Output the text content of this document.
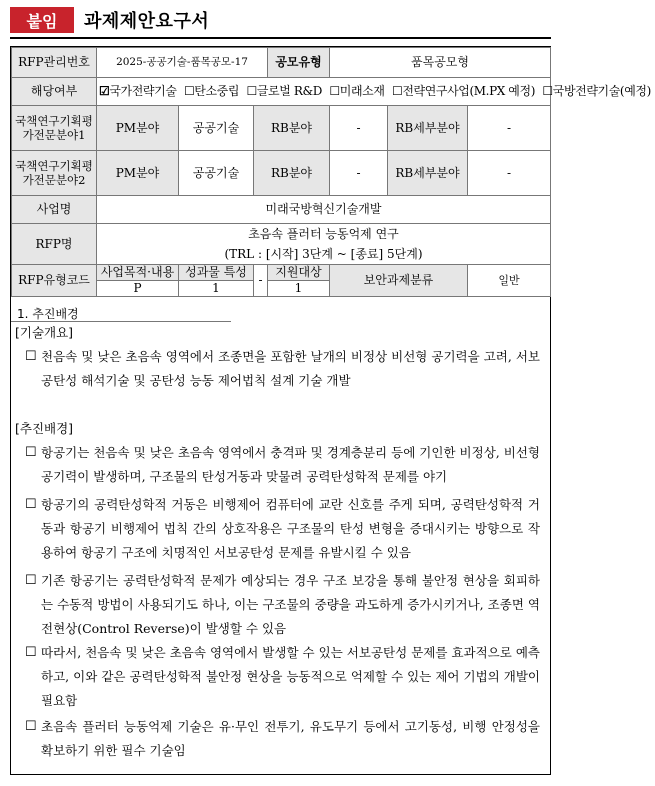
붙임	과제제안요구서
RFP관리번호	2025-공공기술-품목공모-17			공모유형	품목공모형		
해당여부	☑국가전략기술 ☐탄소중립 ☐글로벌 R&D ☐미래소재 ☐전략연구사업(M.PX 예정) ☐국방전략기술(예정)						
국책연구기획평가전문분야1	PM분야	공공기술	RB분야		-	RB세부분야	-
국책연구기획평가전문분야2	PM분야	공공기술	RB분야		-	RB세부분야	-
사업명	미래국방혁신기술개발						
RFP명	초음속 플러터 능동억제 연구						
	(TRL : [시작] 3단계 ~ [종료] 5단계)						
RFP유형코드	사업목적·내용	성과물 특성	-	지원대상	보안과제분류		일반
	P	1		1			
1. 추진배경
[기술개요]
☐ 천음속 및 낮은 초음속 영역에서 조종면을 포함한 날개의 비정상 비선형 공기력을 고려, 서보공탄성 해석기술 및 공탄성 능동 제어법칙 설계 기술 개발
[추진배경]
☐ 항공기는 천음속 및 낮은 초음속 영역에서 충격파 및 경계층분리 등에 기인한 비정상, 비선형 공기력이 발생하며, 구조물의 탄성거동과 맞물려 공력탄성학적 문제를 야기
☐ 항공기의 공력탄성학적 거동은 비행제어 컴퓨터에 교란 신호를 주게 되며, 공력탄성학적 거동과 항공기 비행제어 법칙 간의 상호작용은 구조물의 탄성 변형을 증대시키는 방향으로 작용하여 항공기 구조에 치명적인 서보공탄성 문제를 유발시킬 수 있음
☐ 기존 항공기는 공력탄성학적 문제가 예상되는 경우 구조 보강을 통해 불안정 현상을 회피하는 수동적 방법이 사용되기도 하나, 이는 구조물의 중량을 과도하게 증가시키거나, 조종면 역전현상(Control Reverse)이 발생할 수 있음
☐ 따라서, 천음속 및 낮은 초음속 영역에서 발생할 수 있는 서보공탄성 문제를 효과적으로 예측하고, 이와 같은 공력탄성학적 불안정 현상을 능동적으로 억제할 수 있는 제어 기법의 개발이 필요함
☐ 초음속 플러터 능동억제 기술은 유·무인 전투기, 유도무기 등에서 고기동성, 비행 안정성을 확보하기 위한 필수 기술임
